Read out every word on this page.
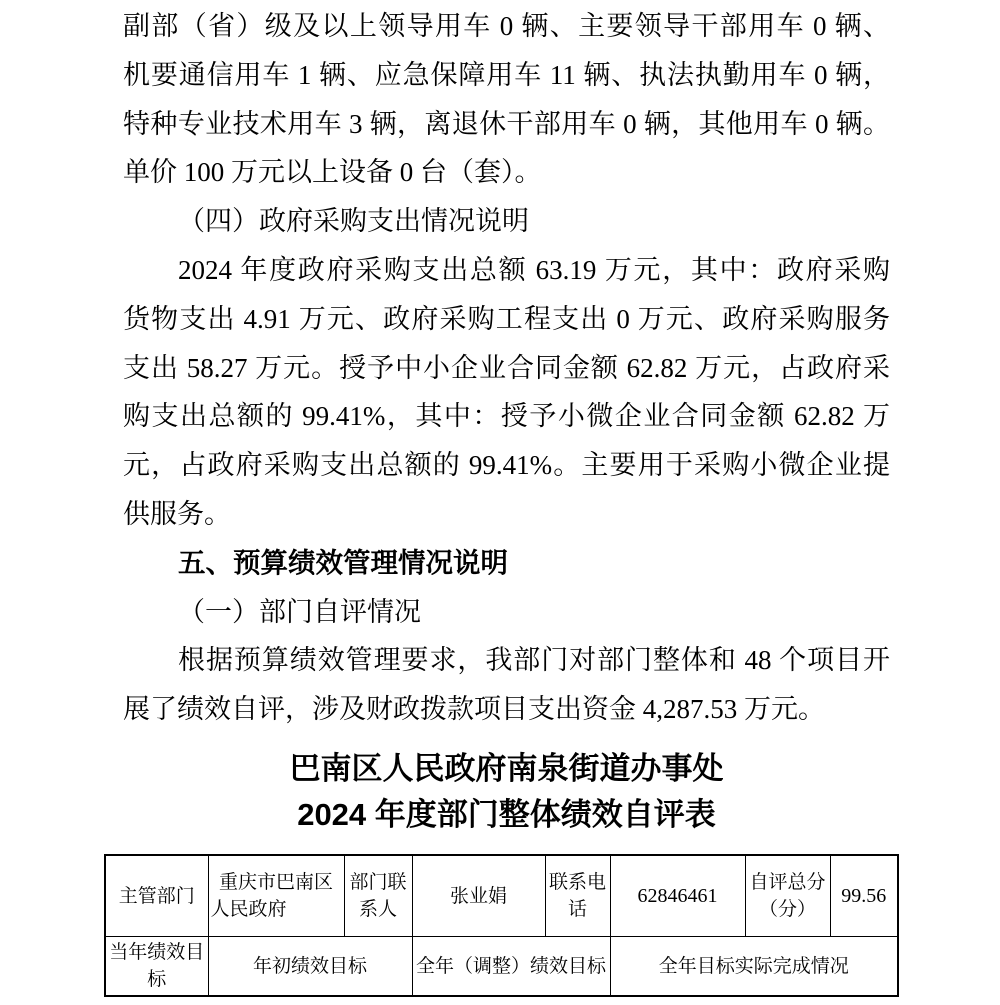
副部（省）级及以上领导用车 0 辆、主要领导干部用车 0 辆、
机要通信用车 1 辆、应急保障用车 11 辆、执法执勤用车 0 辆，
特种专业技术用车 3 辆，离退休干部用车 0 辆，其他用车 0 辆。
单价 100 万元以上设备 0 台（套）。
（四）政府采购支出情况说明
2024 年度政府采购支出总额 63.19 万元，其中：政府采购
货物支出 4.91 万元、政府采购工程支出 0 万元、政府采购服务
支出 58.27 万元。授予中小企业合同金额 62.82 万元，占政府采
购支出总额的 99.41%，其中：授予小微企业合同金额 62.82 万
元，占政府采购支出总额的 99.41%。主要用于采购小微企业提
供服务。
五、预算绩效管理情况说明
（一）部门自评情况
根据预算绩效管理要求，我部门对部门整体和 48 个项目开
展了绩效自评，涉及财政拨款项目支出资金 4,287.53 万元。
巴南区人民政府南泉街道办事处
2024 年度部门整体绩效自评表
主管部门	重庆市巴南区人民政府	部门联系人	张业娟	联系电话	62846461	自评总分（分）	99.56
当年绩效目标	年初绩效目标		全年（调整）绩效目标		全年目标实际完成情况		
